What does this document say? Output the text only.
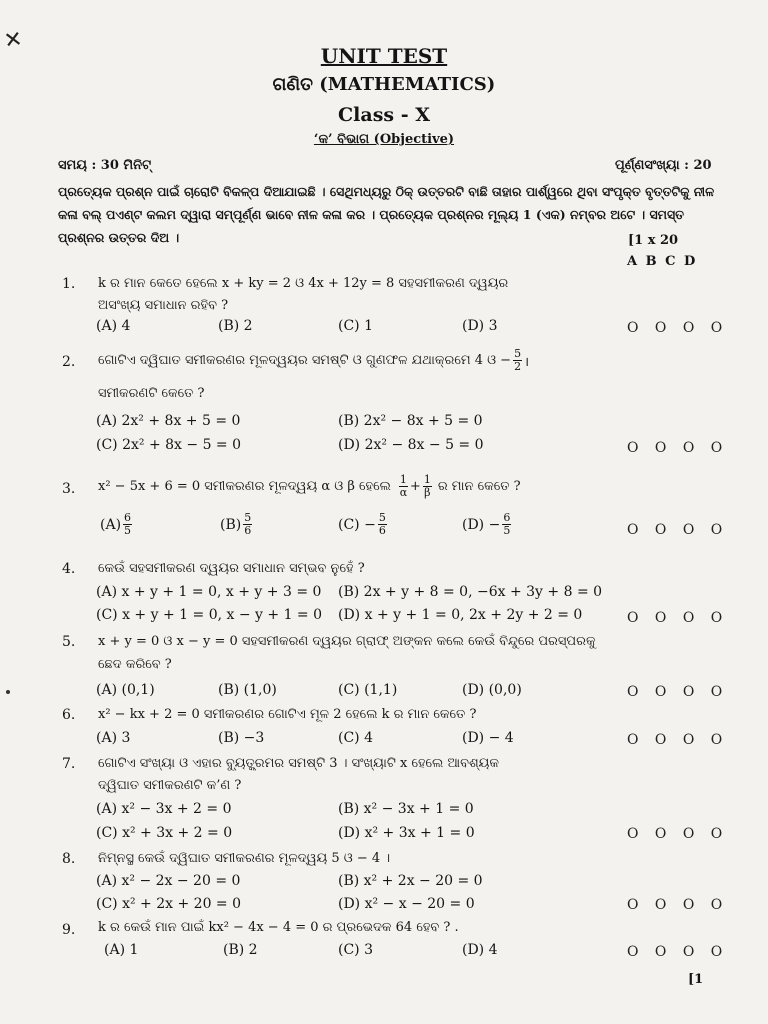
✕
UNIT TEST
ଗଣିତ (MATHEMATICS)
Class - X
‘କ’ ବିଭାଗ (Objective)
ସମୟ : 30 ମିନିଟ୍	ପୂର୍ଣ୍ଣସଂଖ୍ୟା : 20
ପ୍ରତ୍ୟେକ ପ୍ରଶ୍ନ ପାଇଁ ଚାରୋଟି ବିକଳ୍ପ ଦିଆଯାଇଛି । ସେଥିମଧ୍ୟରୁ ଠିକ୍ ଉତ୍ତରଟି ବାଛି ତାହାର ପାର୍ଶ୍ୱରେ ଥିବା ସଂପୃକ୍ତ ବୃତ୍ତଟିକୁ ନୀଳ କଳା ବଲ୍ ପଏଣ୍ଟ କଲମ ଦ୍ୱାରା ସମ୍ପୂର୍ଣ୍ଣ ଭାବେ ନୀଳ କଳା କର । ପ୍ରତ୍ୟେକ ପ୍ରଶ୍ନର ମୂଲ୍ୟ 1 (ଏକ) ନମ୍ବର ଅଟେ । ସମସ୍ତ ପ୍ରଶ୍ନର ଉତ୍ତର ଦିଅ ।	[1 x 20
A B C D
1. k ର ମାନ କେତେ ହେଲେ x + ky = 2 ଓ 4x + 12y = 8 ସହସମୀକରଣ ଦ୍ୱୟର
ଅସଂଖ୍ୟ ସମାଧାନ ରହିବ ?
(A) 4	(B) 2	(C) 1	(D) 3	O O O O
2. ଗୋଟିଏ ଦ୍ୱିଘାତ ସମୀକରଣର ମୂଳଦ୍ୱୟର ସମଷ୍ଟି ଓ ଗୁଣଫଳ ଯଥାକ୍ରମେ 4 ଓ − $\frac{5}{2}$ ।
ସମୀକରଣଟି କେତେ ?
(A) 2x² + 8x + 5 = 0	(B) 2x² − 8x + 5 = 0
(C) 2x² + 8x − 5 = 0	(D) 2x² − 8x − 5 = 0	O O O O
3. x² − 5x + 6 = 0 ସମୀକରଣର ମୂଳଦ୍ୱୟ α ଓ β ହେଲେ $\frac{1}{\alpha} + \frac{1}{\beta}$ ର ମାନ କେତେ ?
$(A) \frac{6}{5}$	$(B) \frac{5}{6}$	$(C) - \frac{5}{6}$	$(D) - \frac{6}{5}$	O O O O
4. କେଉଁ ସହସମୀକରଣ ଦ୍ୱୟର ସମାଧାନ ସମ୍ଭବ ନୁହେଁ ?
(A) x + y + 1 = 0, x + y + 3 = 0 (B) 2x + y + 8 = 0, −6x + 3y + 8 = 0
(C) x + y + 1 = 0, x − y + 1 = 0 (D) x + y + 1 = 0, 2x + 2y + 2 = 0	O O O O
5. x + y = 0 ଓ x − y = 0 ସହସମୀକରଣ ଦ୍ୱୟର ଗ୍ରାଫ୍ ଅଙ୍କନ କଲେ କେଉଁ ବିନ୍ଦୁରେ ପରସ୍ପରକୁ
ଛେଦ କରିବେ ?
(A) (0,1)	(B) (1,0)	(C) (1,1)	(D) (0,0)	O O O O
6. x² − kx + 2 = 0 ସମୀକରଣର ଗୋଟିଏ ମୂଳ 2 ହେଲେ k ର ମାନ କେତେ ?
(A) 3	(B) −3	(C) 4	(D) − 4	O O O O
7. ଗୋଟିଏ ସଂଖ୍ୟା ଓ ଏହାର ବ୍ୟୁତ୍କ୍ରମର ସମଷ୍ଟି 3 । ସଂଖ୍ୟାଟି x ହେଲେ ଆବଶ୍ୟକ
ଦ୍ୱିଘାତ ସମୀକରଣଟି କ’ଣ ?
(A) x² − 3x + 2 = 0	(B) x² − 3x + 1 = 0
(C) x² + 3x + 2 = 0	(D) x² + 3x + 1 = 0	O O O O
8. ନିମ୍ନସ୍ଥ କେଉଁ ଦ୍ୱିଘାତ ସମୀକରଣର ମୂଳଦ୍ୱୟ 5 ଓ − 4 ।
(A) x² − 2x − 20 = 0	(B) x² + 2x − 20 = 0
(C) x² + 2x + 20 = 0	(D) x² − x − 20 = 0	O O O O
9. k ର କେଉଁ ମାନ ପାଇଁ kx² − 4x − 4 = 0 ର ପ୍ରଭେଦକ 64 ହେବ ? .
(A) 1	(B) 2	(C) 3	(D) 4	O O O O
[1
